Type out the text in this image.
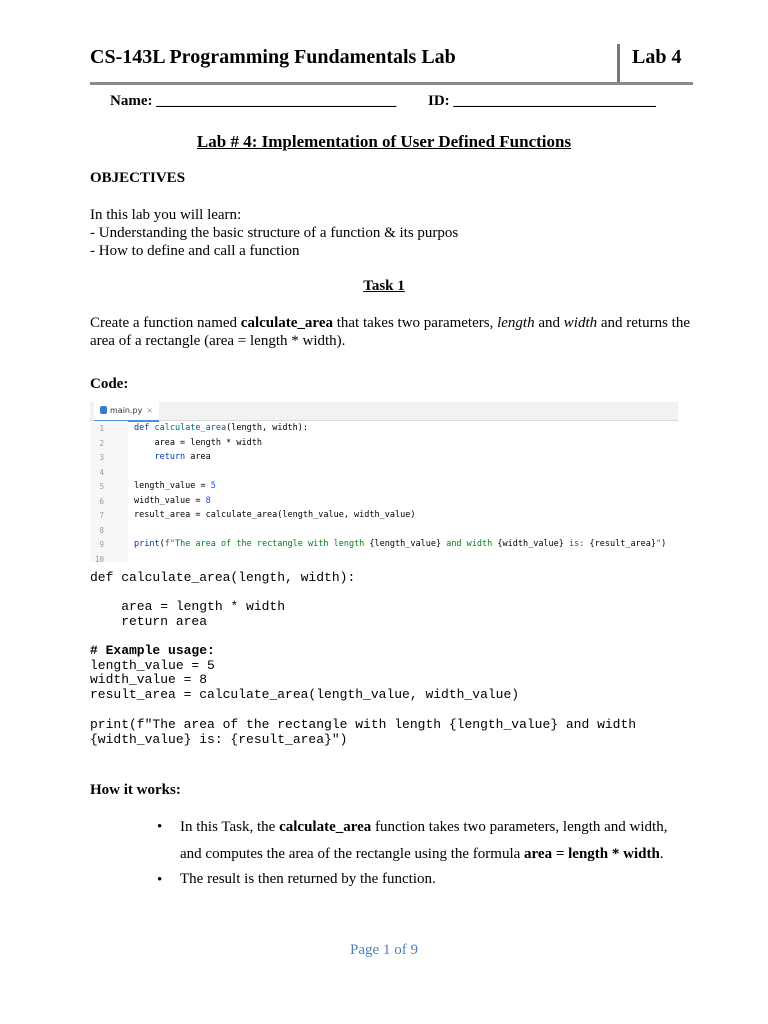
CS-143L Programming Fundamentals Lab	Lab 4
Name: ________________________________ ID: ___________________________
Lab # 4: Implementation of User Defined Functions
OBJECTIVES
In this lab you will learn:
- Understanding the basic structure of a function & its purpos
- How to define and call a function
Task 1
Create a function named calculate_area that takes two parameters, length and width and returns the area of a rectangle (area = length * width).
Code:
main.py ×
1
2
3
4
5
6
7
8
9
10
def calculate_area(length, width):
area = length * width
return area
length_value = 5
width_value = 8
result_area = calculate_area(length_value, width_value)
print(f"The area of the rectangle with length {length_value} and width {width_value} is: {result_area}")
def calculate_area(length, width):
area = length * width
return area
# Example usage:
length_value = 5
width_value = 8
result_area = calculate_area(length_value, width_value)
print(f"The area of the rectangle with length {length_value} and width
{width_value} is: {result_area}")
How it works:
• In this Task, the calculate_area function takes two parameters, length and width, and computes the area of the rectangle using the formula area = length * width.
• The result is then returned by the function.
Page 1 of 9
